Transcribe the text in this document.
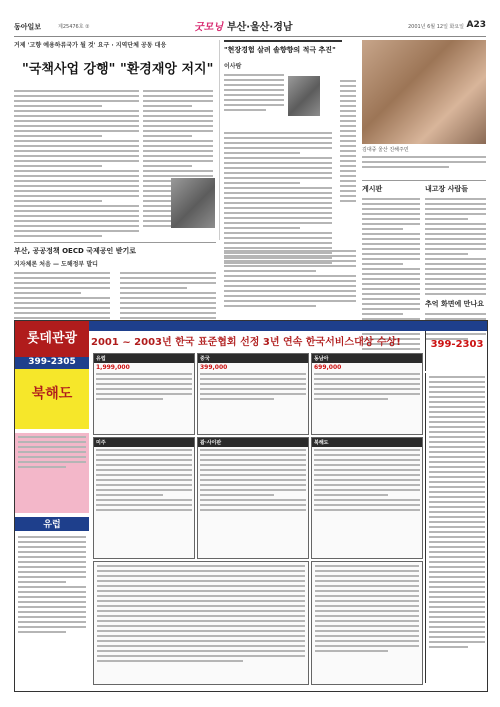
동아일보	제25476호 ②	굿모닝 부산·울산·경남	2001년 6월 12일 화요일 A23
거제 '고향 예용하류국가 될 것' 요구 · 지역단체 공동 대응
"국책사업 강행" "환경재앙 저지"
"현장경험 살려 솔향향의 적극 추진"
이사람
김대중 울산 진해주민
게시판	내고장 사람들
추억 화면에 만나요
부산, 공공정책 OECD 국제공인 받기로
지자체론 처음 — 도해정부 발디
롯데관광
399-2305
북해도
2001 ~ 2003년 한국 표준협회 선정 3년 연속 한국서비스대상 수상!	399-2303
유럽
1,999,000
중국
399,000
동남아
699,000
유럽
미주	괌·사이판	북해도
